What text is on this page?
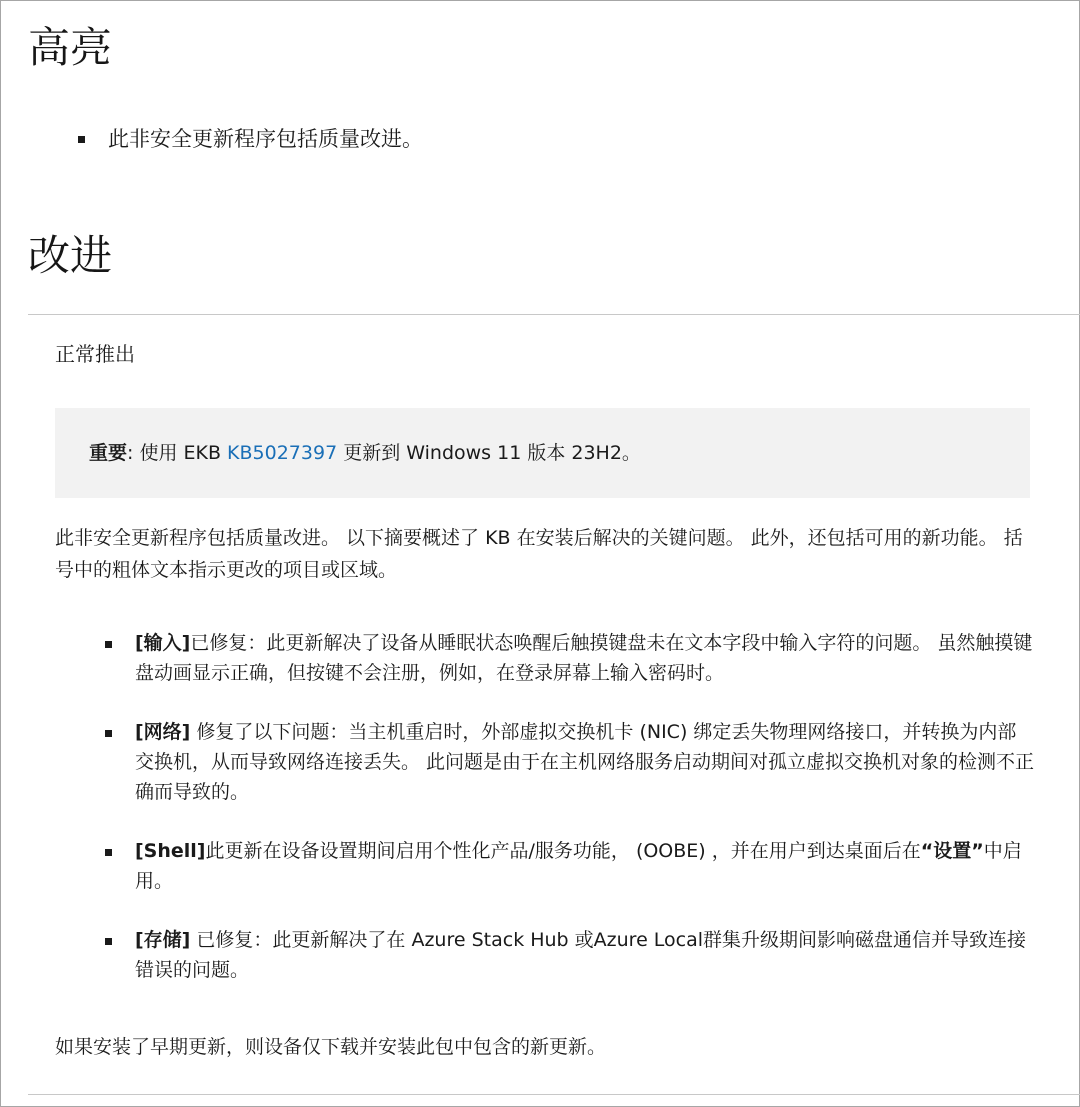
高亮
此非安全更新程序包括质量改进。
改进
正常推出
重要: 使用 EKB KB5027397 更新到 Windows 11 版本 23H2。

此非安全更新程序包括质量改进。 以下摘要概述了 KB 在安装后解决的关键问题。 此外，还包括可用的新功能。 括号中的粗体文本指示更改的项目或区域。

[输入]已修复：此更新解决了设备从睡眠状态唤醒后触摸键盘未在文本字段中输入字符的问题。 虽然触摸键盘动画显示正确，但按键不会注册，例如，在登录屏幕上输入密码时。
[网络] 修复了以下问题：当主机重启时，外部虚拟交换机卡 (NIC) 绑定丢失物理网络接口，并转换为内部交换机，从而导致网络连接丢失。 此问题是由于在主机网络服务启动期间对孤立虚拟交换机对象的检测不正确而导致的。
[Shell]此更新在设备设置期间启用个性化产品/服务功能， (OOBE) ，并在用户到达桌面后在“设置”中启用。
[存储] 已修复：此更新解决了在 Azure Stack Hub 或Azure Local群集升级期间影响磁盘通信并导致连接错误的问题。

如果安装了早期更新，则设备仅下载并安装此包中包含的新更新。
